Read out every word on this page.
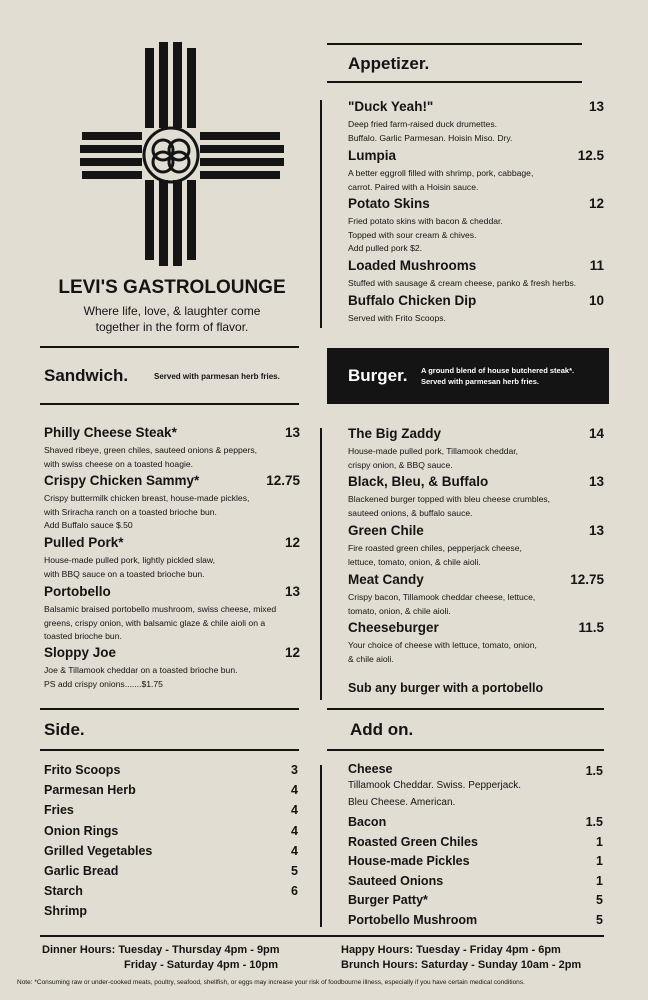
LEVI'S GASTROLOUNGE
Where life, love, & laughter come
together in the form of flavor.
Appetizer.
"Duck Yeah!"	13
Deep fried farm-raised duck drumettes.
Buffalo. Garlic Parmesan. Hoisin Miso. Dry.
Lumpia	12.5
A better eggroll filled with shrimp, pork, cabbage,
carrot. Paired with a Hoisin sauce.
Potato Skins	12
Fried potato skins with bacon & cheddar.
Topped with sour cream & chives.
Add pulled pork $2.
Loaded Mushrooms	11
Stuffed with sausage & cream cheese, panko & fresh herbs.
Buffalo Chicken Dip	10
Served with Frito Scoops.
Sandwich.	Served with parmesan herb fries.
Philly Cheese Steak*	13
Shaved ribeye, green chiles, sauteed onions & peppers,
with swiss cheese on a toasted hoagie.
Crispy Chicken Sammy*	12.75
Crispy buttermilk chicken breast, house-made pickles,
with Sriracha ranch on a toasted brioche bun.
Add Buffalo sauce $.50
Pulled Pork*	12
House-made pulled pork, lightly pickled slaw,
with BBQ sauce on a toasted brioche bun.
Portobello	13
Balsamic braised portobello mushroom, swiss cheese, mixed
greens, crispy onion, with balsamic glaze & chile aioli on a
toasted brioche bun.
Sloppy Joe	12
Joe & Tillamook cheddar on a toasted brioche bun.
PS add crispy onions.......$1.75
Burger. A ground blend of house butchered steak*.
Served with parmesan herb fries.
The Big Zaddy	14
House-made pulled pork, Tillamook cheddar,
crispy onion, & BBQ sauce.
Black, Bleu, & Buffalo	13
Blackened burger topped with bleu cheese crumbles,
sauteed onions, & buffalo sauce.
Green Chile	13
Fire roasted green chiles, pepperjack cheese,
lettuce, tomato, onion, & chile aioli.
Meat Candy	12.75
Crispy bacon, Tillamook cheddar cheese, lettuce,
tomato, onion, & chile aioli.
Cheeseburger	11.5
Your choice of cheese with lettuce, tomato, onion,
& chile aioli.
Sub any burger with a portobello
Side.
Frito Scoops	3
Parmesan Herb	4
Fries	4
Onion Rings	4
Grilled Vegetables	4
Garlic Bread	5
Starch	6
Shrimp
Add on.
Cheese	1.5
Tillamook Cheddar. Swiss. Pepperjack.
Bleu Cheese. American.
Bacon	1.5
Roasted Green Chiles	1
House-made Pickles	1
Sauteed Onions	1
Burger Patty*	5
Portobello Mushroom	5
Dinner Hours: Tuesday - Thursday 4pm - 9pm
Friday - Saturday 4pm - 10pm
Happy Hours: Tuesday - Friday 4pm - 6pm
Brunch Hours: Saturday - Sunday 10am - 2pm
Note: *Consuming raw or under-cooked meats, poultry, seafood, shellfish, or eggs may increase your risk of foodbourne illness, especially if you have certain medical conditions.
